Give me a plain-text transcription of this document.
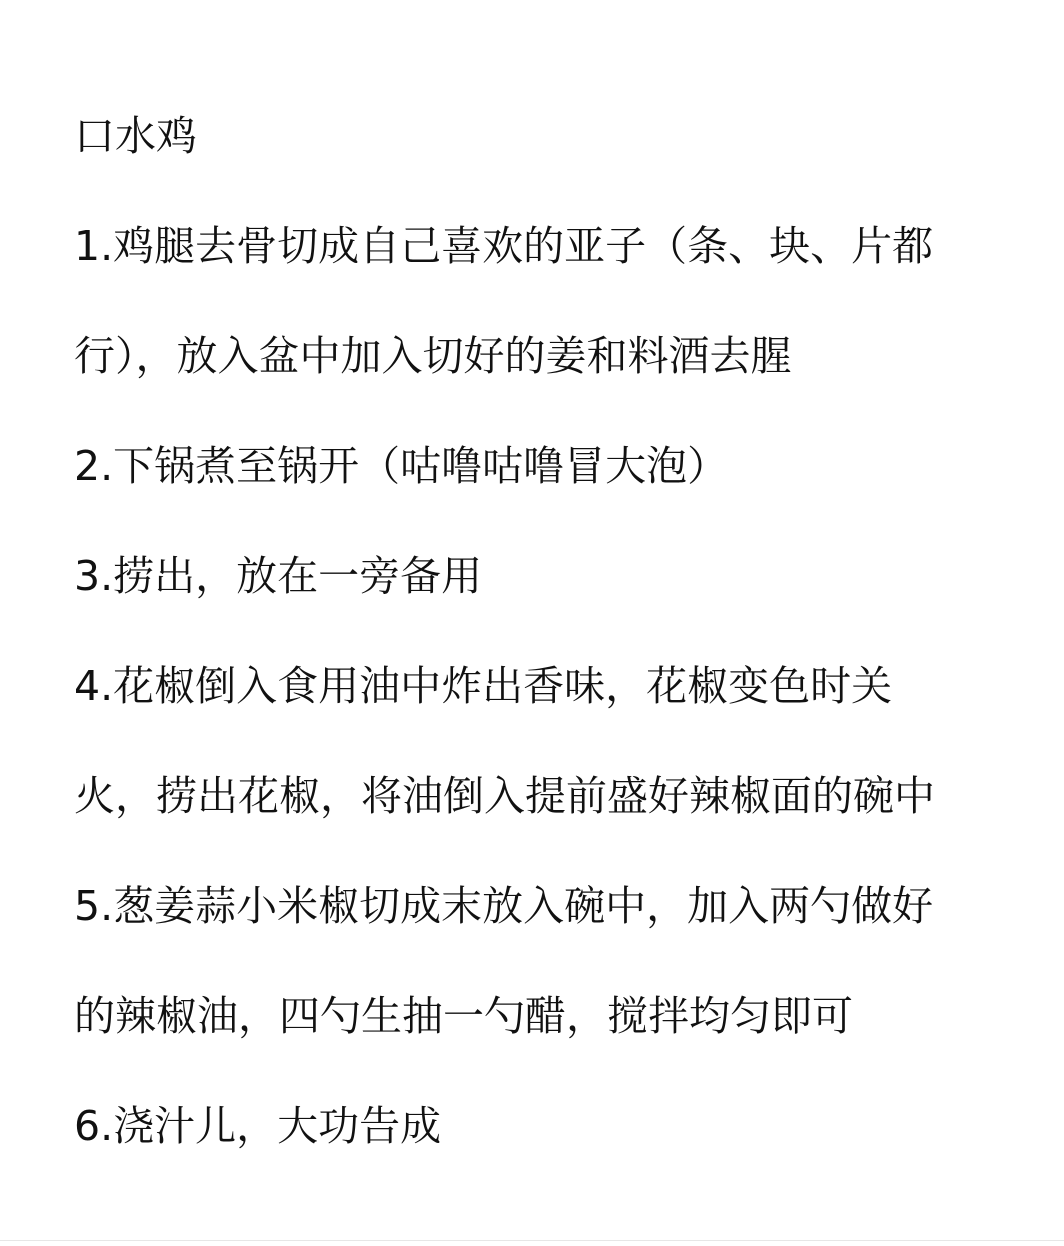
口水鸡
1.鸡腿去骨切成自己喜欢的亚子（条、块、片都
行），放入盆中加入切好的姜和料酒去腥
2.下锅煮至锅开（咕噜咕噜冒大泡）
3.捞出，放在一旁备用
4.花椒倒入食用油中炸出香味，花椒变色时关
火，捞出花椒，将油倒入提前盛好辣椒面的碗中
5.葱姜蒜小米椒切成末放入碗中，加入两勺做好
的辣椒油，四勺生抽一勺醋，搅拌均匀即可
6.浇汁儿，大功告成
